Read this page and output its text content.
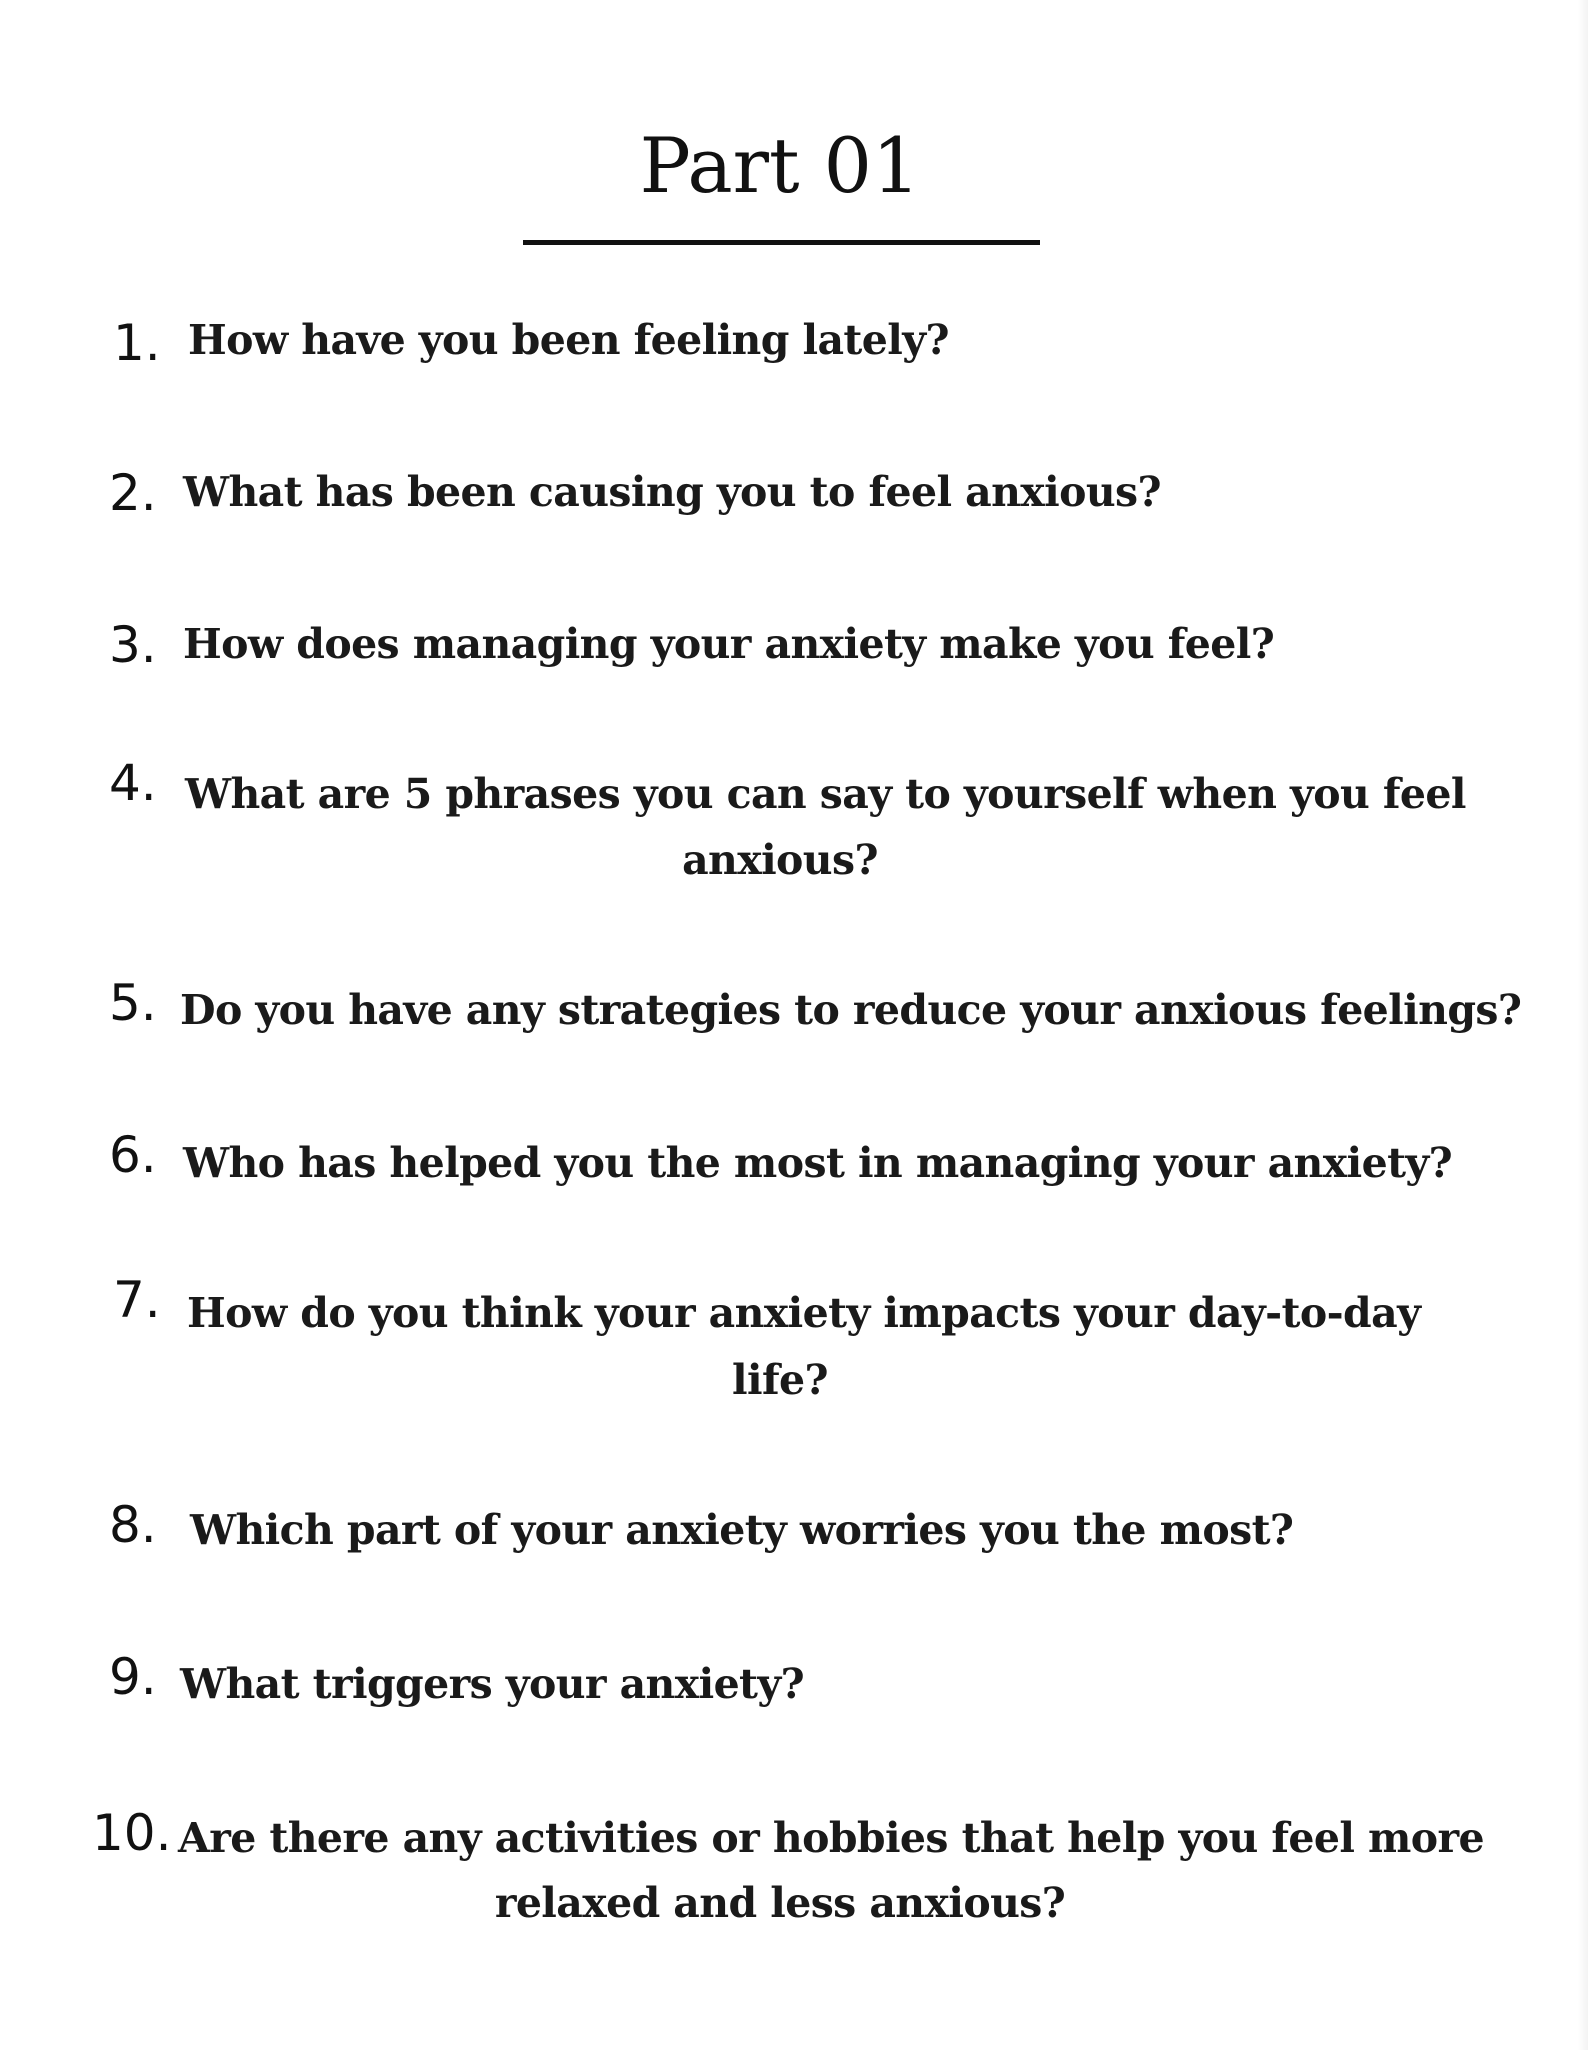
Part 01
1. How have you been feeling lately?
2. What has been causing you to feel anxious?
3. How does managing your anxiety make you feel?
4. What are 5 phrases you can say to yourself when you feel
anxious?
5. Do you have any strategies to reduce your anxious feelings?
6. Who has helped you the most in managing your anxiety?
7. How do you think your anxiety impacts your day-to-day
life?
8. Which part of your anxiety worries you the most?
9. What triggers your anxiety?
10. Are there any activities or hobbies that help you feel more
relaxed and less anxious?
